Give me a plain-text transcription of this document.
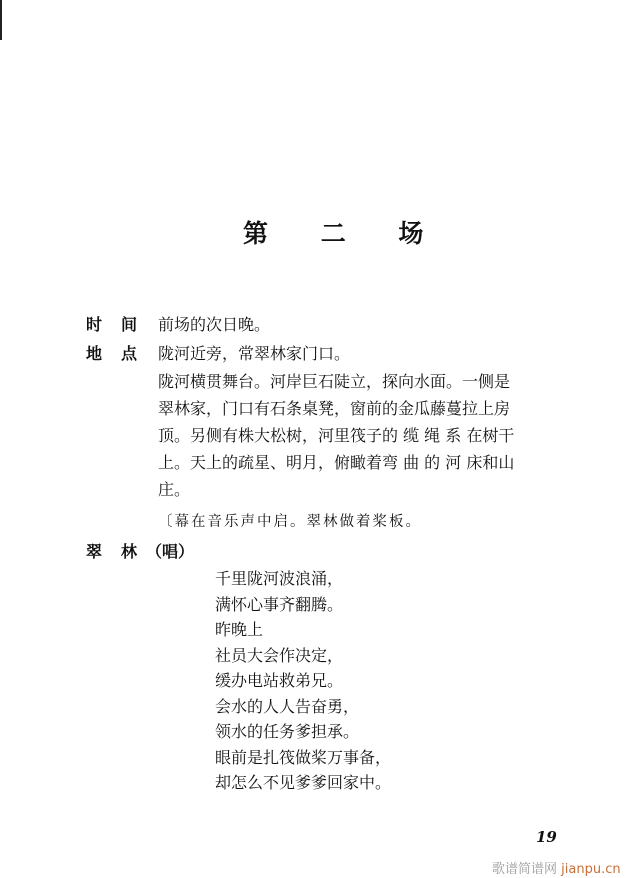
第 二 场
时 间 前场的次日晚。
地 点 陇河近旁，常翠林家门口。
陇河横贯舞台。河岸巨石陡立，探向水面。一侧是
翠林家，门口有石条桌凳，窗前的金瓜藤蔓拉上房
顶。另侧有株大松树，河里筏子的 缆 绳 系 在树干
上。天上的疏星、明月，俯瞰着弯 曲 的 河 床和山
庄。
〔幕在音乐声中启。翠林做着桨板。
翠 林 （唱）
千里陇河波浪涌，
满怀心事齐翻腾。
昨晚上
社员大会作决定，
缓办电站救弟兄。
会水的人人告奋勇，
领水的任务爹担承。
眼前是扎筏做桨万事备，
却怎么不见爹爹回家中。
19
歌谱简谱网 jianpu.cn
